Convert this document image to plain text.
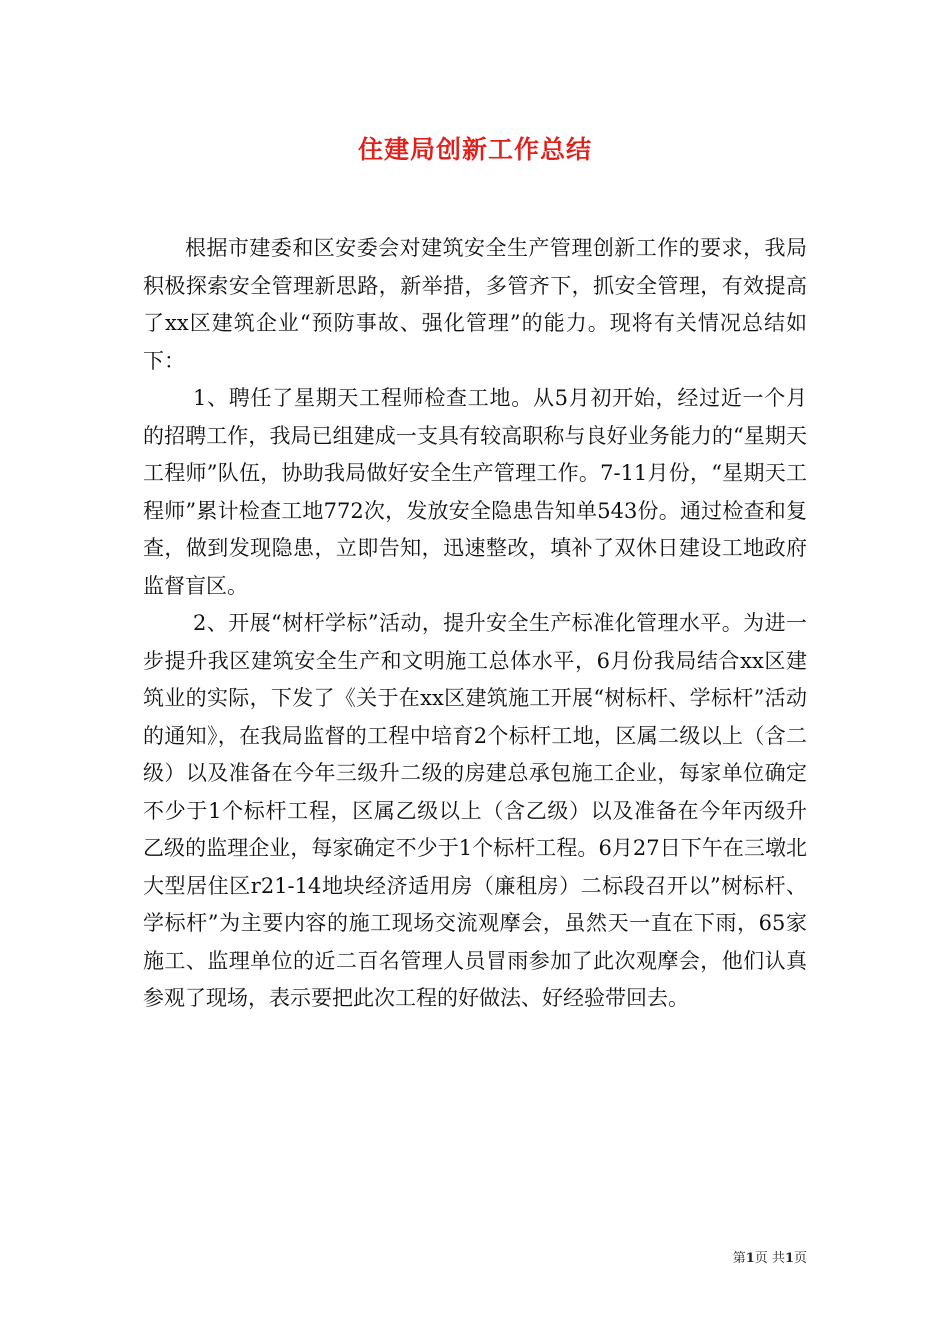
住建局创新工作总结

根据市建委和区安委会对建筑安全生产管理创新工作的要求，我局积极探索安全管理新思路，新举措，多管齐下，抓安全管理，有效提高了xx区建筑企业“预防事故、强化管理”的能力。现将有关情况总结如下：

1、聘任了星期天工程师检查工地。从5月初开始，经过近一个月的招聘工作，我局已组建成一支具有较高职称与良好业务能力的“星期天工程师”队伍，协助我局做好安全生产管理工作。7-11月份，“星期天工程师”累计检查工地772次，发放安全隐患告知单543份。通过检查和复查，做到发现隐患，立即告知，迅速整改，填补了双休日建设工地政府监督盲区。

2、开展“树杆学标”活动，提升安全生产标准化管理水平。为进一步提升我区建筑安全生产和文明施工总体水平，6月份我局结合xx区建筑业的实际，下发了《关于在xx区建筑施工开展“树标杆、学标杆”活动的通知》，在我局监督的工程中培育2个标杆工地，区属二级以上（含二级）以及准备在今年三级升二级的房建总承包施工企业，每家单位确定不少于1个标杆工程，区属乙级以上（含乙级）以及准备在今年丙级升乙级的监理企业，每家确定不少于1个标杆工程。6月27日下午在三墩北大型居住区r21-14地块经济适用房（廉租房）二标段召开以”树标杆、学标杆”为主要内容的施工现场交流观摩会，虽然天一直在下雨，65家施工、监理单位的近二百名管理人员冒雨参加了此次观摩会，他们认真参观了现场，表示要把此次工程的好做法、好经验带回去。

第1页 共1页
